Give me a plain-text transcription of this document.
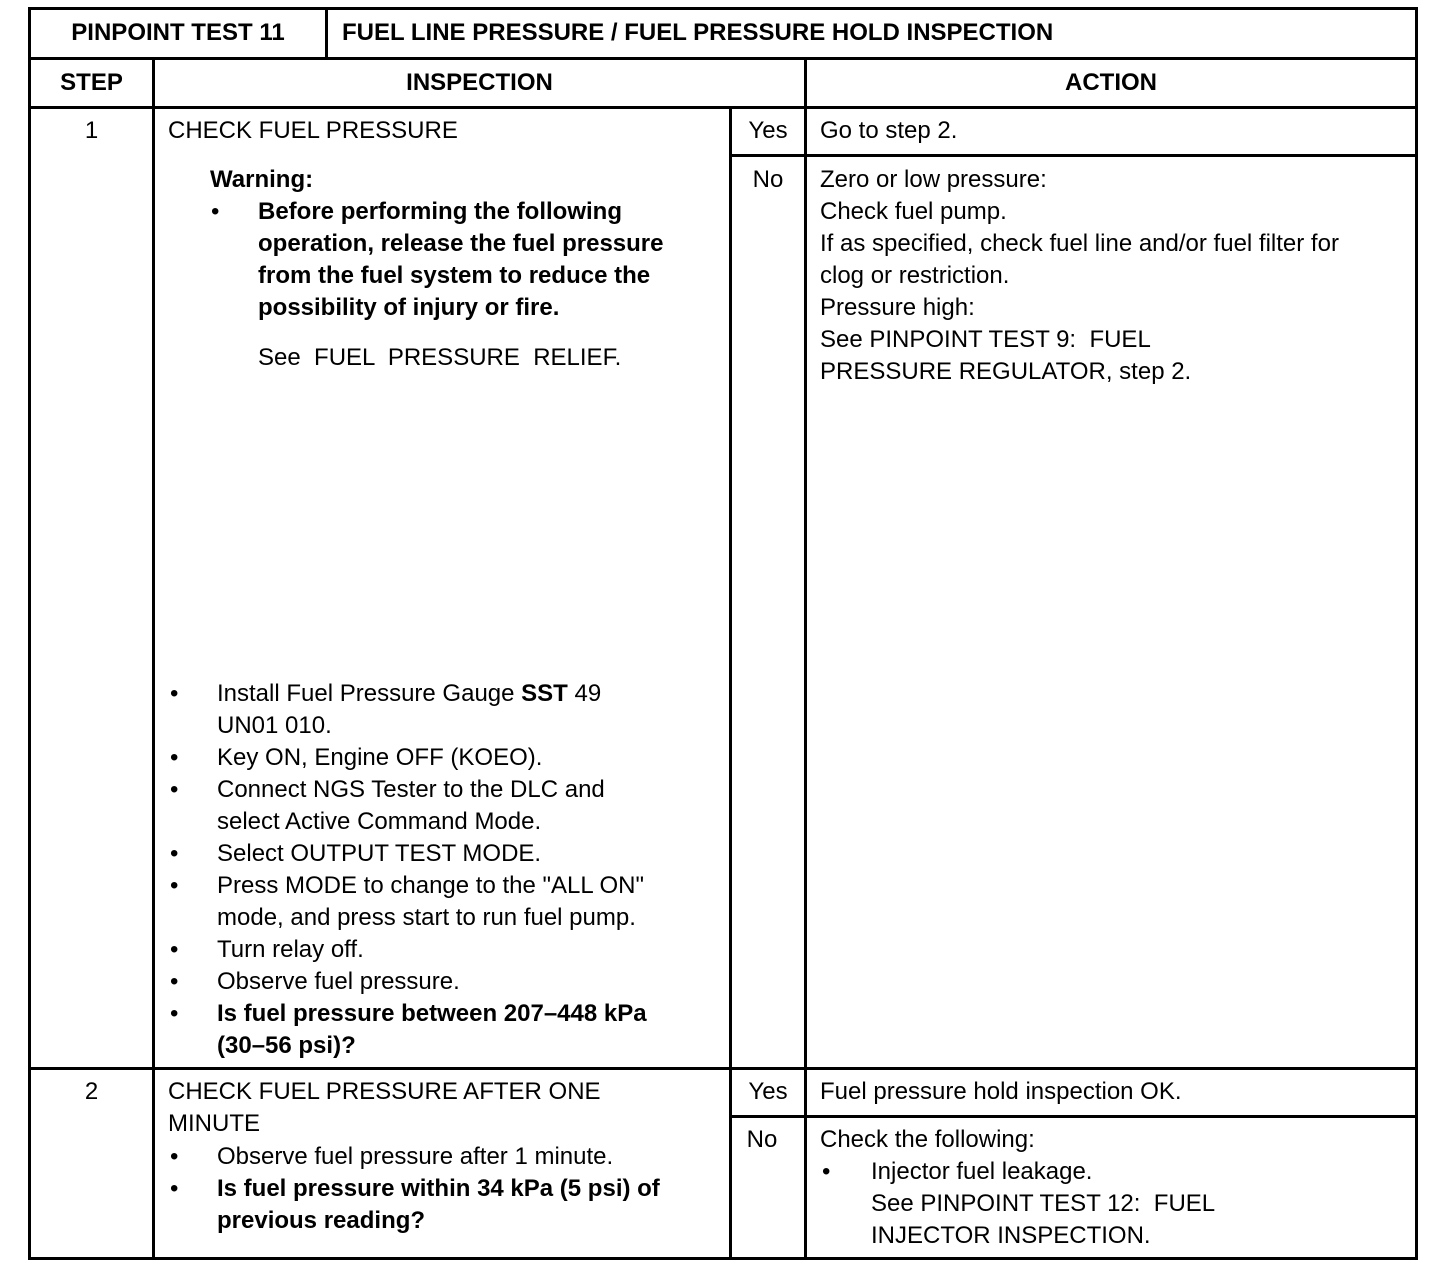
PINPOINT TEST 11	FUEL LINE PRESSURE / FUEL PRESSURE HOLD INSPECTION
STEP	INSPECTION	ACTION
1	CHECK FUEL PRESSURE
Warning:
• Before performing the following
operation, release the fuel pressure
from the fuel system to reduce the
possibility of injury or fire.
See  FUEL  PRESSURE  RELIEF.
• Install Fuel Pressure Gauge SST 49
UN01 010.
• Key ON, Engine OFF (KOEO).
• Connect NGS Tester to the DLC and
select Active Command Mode.
• Select OUTPUT TEST MODE.
• Press MODE to change to the "ALL ON"
mode, and press start to run fuel pump.
• Turn relay off.
• Observe fuel pressure.
• Is fuel pressure between 207–448 kPa
(30–56 psi)?
Yes	Go to step 2.
No	Zero or low pressure:
Check fuel pump.
If as specified, check fuel line and/or fuel filter for
clog or restriction.
Pressure high:
See PINPOINT TEST 9:  FUEL
PRESSURE REGULATOR, step 2.
2	CHECK FUEL PRESSURE AFTER ONE
MINUTE
• Observe fuel pressure after 1 minute.
• Is fuel pressure within 34 kPa (5 psi) of
previous reading?
Yes	Fuel pressure hold inspection OK.
No	Check the following:
• Injector fuel leakage.
See PINPOINT TEST 12:  FUEL
INJECTOR INSPECTION.
